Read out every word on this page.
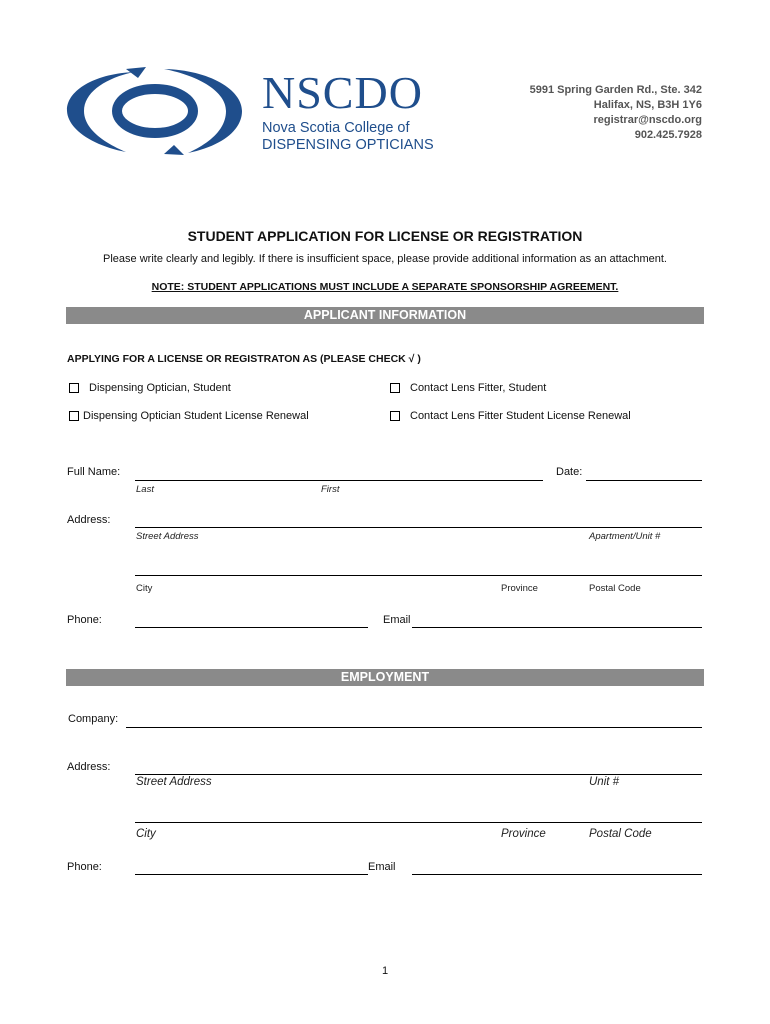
NSCDO
Nova Scotia College of
DISPENSING OPTICIANS
5991 Spring Garden Rd., Ste. 342
Halifax, NS, B3H 1Y6
registrar@nscdo.org
902.425.7928
STUDENT APPLICATION FOR LICENSE OR REGISTRATION
Please write clearly and legibly. If there is insufficient space, please provide additional information as an attachment.
NOTE: STUDENT APPLICATIONS MUST INCLUDE A SEPARATE SPONSORSHIP AGREEMENT.
APPLICANT INFORMATION
APPLYING FOR A LICENSE OR REGISTRATON AS (PLEASE CHECK √ )
Dispensing Optician, Student	Contact Lens Fitter, Student
Dispensing Optician Student License Renewal	Contact Lens Fitter Student License Renewal
Full Name:	Date:
Last	First
Address:
Street Address	Apartment/Unit #
City	Province	Postal Code
Phone:	Email
EMPLOYMENT
Company:
Address:
Street Address	Unit #
City	Province	Postal Code
Phone:	Email
1
